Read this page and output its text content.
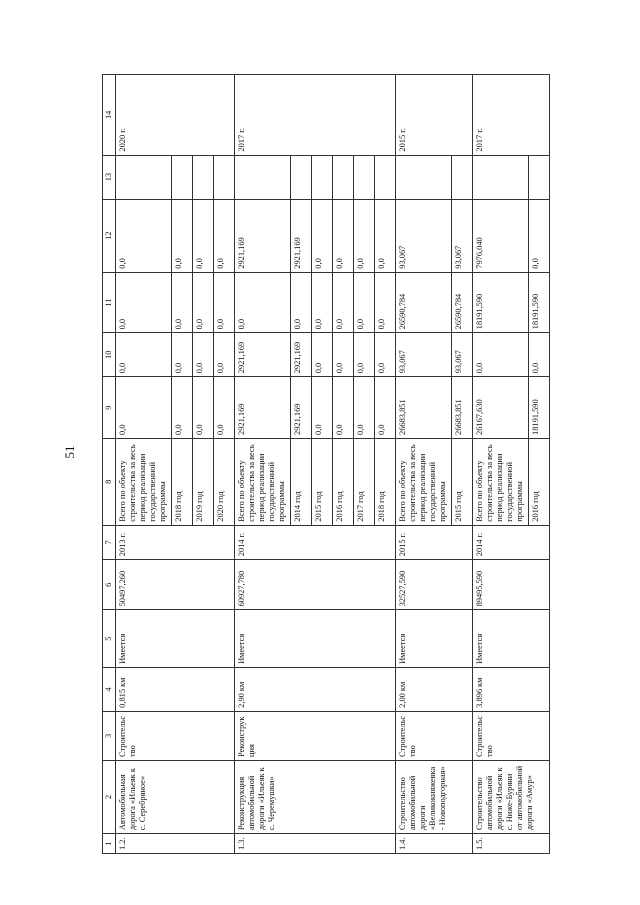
51
1	2	3	4	5	6	7	8	9	10	11	12	13	14
1.2.	Автомобильная дорога «Ильеяк к с. Серебряное»	Строительство	0,815 км	Имеется	50497,260	2013 г.	Всего по объекту строительства за весь период реализации государственной программы	0,0	0,0	0,0	0,0		2020 г.
							2018 год	0,0	0,0	0,0	0,0		
							2019 год	0,0	0,0	0,0	0,0		
							2020 год	0,0	0,0	0,0	0,0		
1.3.	Реконструкция автомобильной дороги «Ильеяк к с. Черемушки»	Реконструкция	2,90 км	Имеется	60927,780	2014 г.	Всего по объекту строительства за весь период реализации государственной программы	2921,169	2921,169	0,0	2921,169		2017 г.
							2014 год	2921,169	2921,169	0,0	2921,169		
							2015 год	0,0	0,0	0,0	0,0		
							2016 год	0,0	0,0	0,0	0,0		
							2017 год	0,0	0,0	0,0	0,0		
							2018 год	0,0	0,0	0,0	0,0		
1.4.	Строительство автомобильной дороги «Великокняжевка - Новоподгорная»	Строительство	2,00 км	Имеется	32527,590	2015 г.	Всего по объекту строительства за весь период реализации государственной программы	26683,851	93,067	26590,784	93,067		2015 г.
							2015 год	26683,851	93,067	26590,784	93,067		
1.5.	Строительство автомобильной дороги «Ильеяк к с. Ниже-Буряни от автомобильной дороги «Амур»	Строительство	3,896 км	Имеется	89495,590	2014 г.	Всего по объекту строительства за весь период реализации государственной программы	26167,630	0,0	18191,590	7976,040		2017 г.
							2016 год	18191,590	0,0	18191,590	0,0		
